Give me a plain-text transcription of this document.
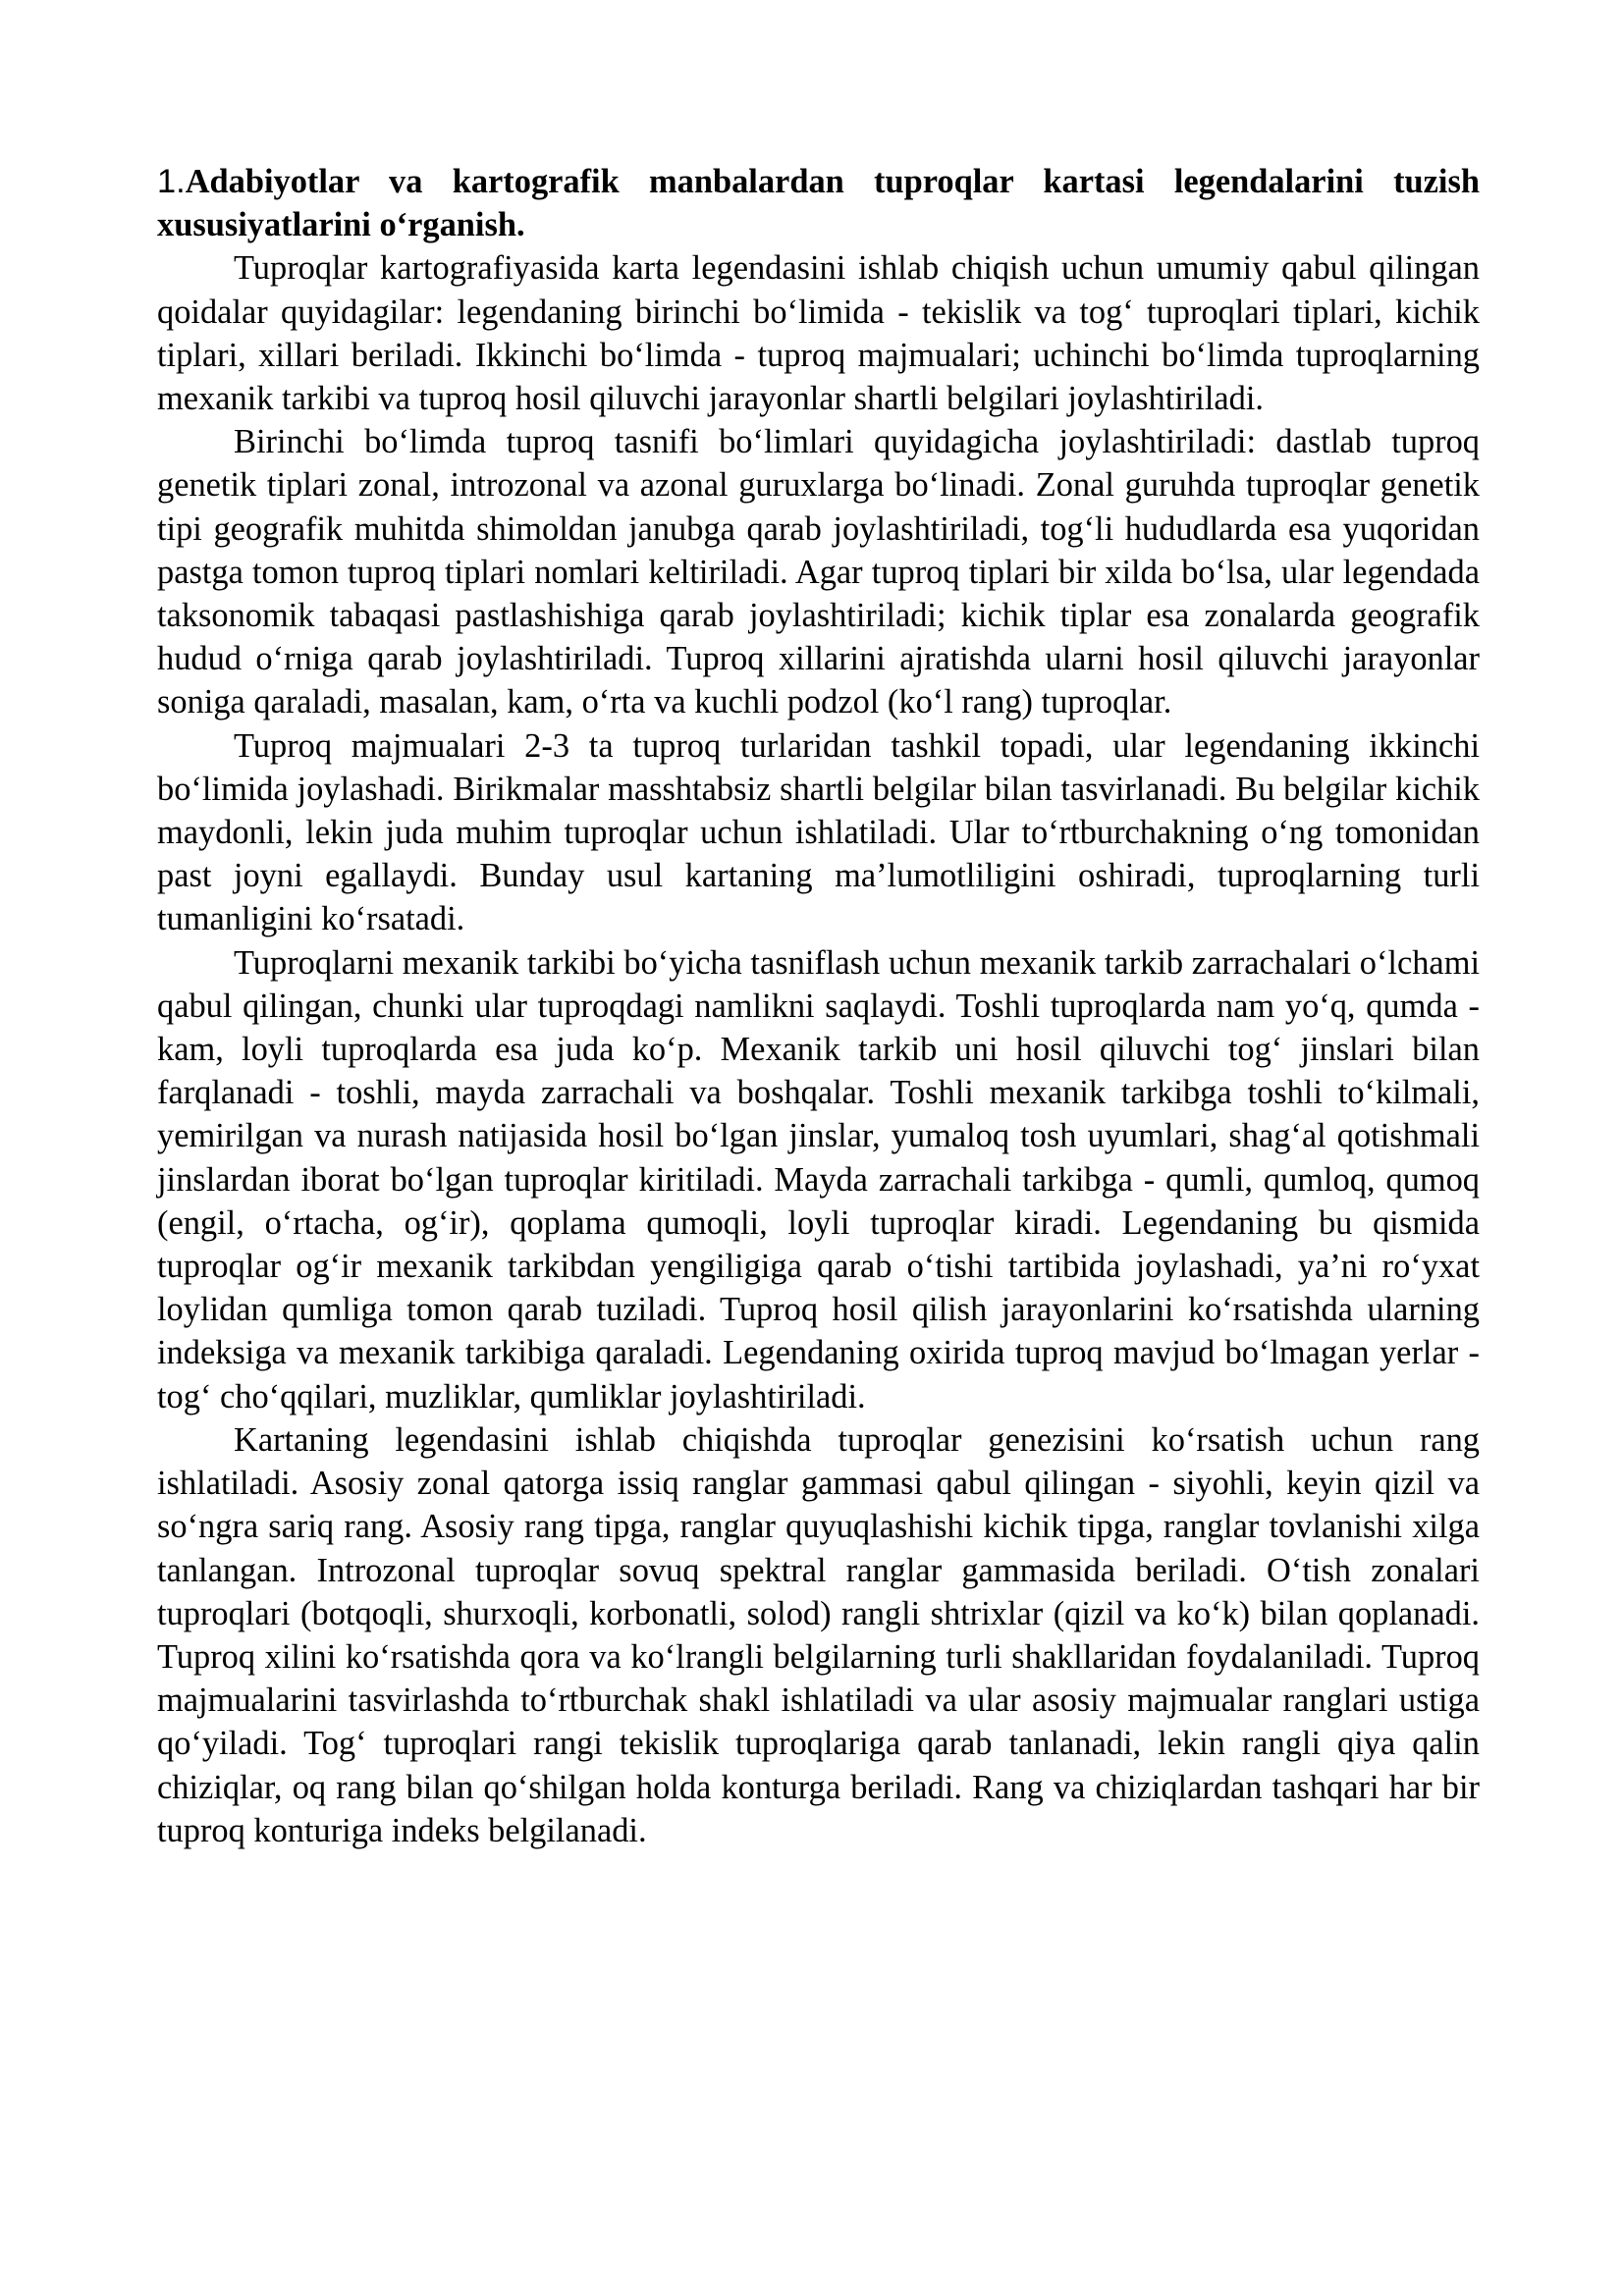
1.Adabiyotlar va kartografik manbalardan tuproqlar kartasi legendalarini tuzish xususiyatlarini o‘rganish.

Tuproqlar kartografiyasida karta legendasini ishlab chiqish uchun umumiy qabul qilingan qoidalar quyidagilar: legendaning birinchi bo‘limida - tekislik va tog‘ tuproqlari tiplari, kichik tiplari, xillari beriladi. Ikkinchi bo‘limda - tuproq majmualari; uchinchi bo‘limda tuproqlarning mexanik tarkibi va tuproq hosil qiluvchi jarayonlar shartli belgilari joylashtiriladi.

Birinchi bo‘limda tuproq tasnifi bo‘limlari quyidagicha joylashtiriladi: dastlab tuproq genetik tiplari zonal, introzonal va azonal guruxlarga bo‘linadi. Zonal guruhda tuproqlar genetik tipi geografik muhitda shimoldan janubga qarab joylashtiriladi, tog‘li hududlarda esa yuqoridan pastga tomon tuproq tiplari nomlari keltiriladi. Agar tuproq tiplari bir xilda bo‘lsa, ular legendada taksonomik tabaqasi pastlashishiga qarab joylashtiriladi; kichik tiplar esa zonalarda geografik hudud o‘rniga qarab joylashtiriladi. Tuproq xillarini ajratishda ularni hosil qiluvchi jarayonlar soniga qaraladi, masalan, kam, o‘rta va kuchli podzol (ko‘l rang) tuproqlar.

Tuproq majmualari 2-3 ta tuproq turlaridan tashkil topadi, ular legendaning ikkinchi bo‘limida joylashadi. Birikmalar masshtabsiz shartli belgilar bilan tasvirlanadi. Bu belgilar kichik maydonli, lekin juda muhim tuproqlar uchun ishlatiladi. Ular to‘rtburchakning o‘ng tomonidan past joyni egallaydi. Bunday usul kartaning ma’lumotliligini oshiradi, tuproqlarning turli tumanligini ko‘rsatadi.

Tuproqlarni mexanik tarkibi bo‘yicha tasniflash uchun mexanik tarkib zarrachalari o‘lchami qabul qilingan, chunki ular tuproqdagi namlikni saqlaydi. Toshli tuproqlarda nam yo‘q, qumda - kam, loyli tuproqlarda esa juda ko‘p. Mexanik tarkib uni hosil qiluvchi tog‘ jinslari bilan farqlanadi - toshli, mayda zarrachali va boshqalar. Toshli mexanik tarkibga toshli to‘kilmali, yemirilgan va nurash natijasida hosil bo‘lgan jinslar, yumaloq tosh uyumlari, shag‘al qotishmali jinslardan iborat bo‘lgan tuproqlar kiritiladi. Mayda zarrachali tarkibga - qumli, qumloq, qumoq (engil, o‘rtacha, og‘ir), qoplama qumoqli, loyli tuproqlar kiradi. Legendaning bu qismida tuproqlar og‘ir mexanik tarkibdan yengiligiga qarab o‘tishi tartibida joylashadi, ya’ni ro‘yxat loylidan qumliga tomon qarab tuziladi. Tuproq hosil qilish jarayonlarini ko‘rsatishda ularning indeksiga va mexanik tarkibiga qaraladi. Legendaning oxirida tuproq mavjud bo‘lmagan yerlar - tog‘ cho‘qqilari, muzliklar, qumliklar joylashtiriladi.

Kartaning legendasini ishlab chiqishda tuproqlar genezisini ko‘rsatish uchun rang ishlatiladi. Asosiy zonal qatorga issiq ranglar gammasi qabul qilingan - siyohli, keyin qizil va so‘ngra sariq rang. Asosiy rang tipga, ranglar quyuqlashishi kichik tipga, ranglar tovlanishi xilga tanlangan. Introzonal tuproqlar sovuq spektral ranglar gammasida beriladi. O‘tish zonalari tuproqlari (botqoqli, shurxoqli, korbonatli, solod) rangli shtrixlar (qizil va ko‘k) bilan qoplanadi. Tuproq xilini ko‘rsatishda qora va ko‘lrangli belgilarning turli shakllaridan foydalaniladi. Tuproq majmualarini tasvirlashda to‘rtburchak shakl ishlatiladi va ular asosiy majmualar ranglari ustiga qo‘yiladi. Tog‘ tuproqlari rangi tekislik tuproqlariga qarab tanlanadi, lekin rangli qiya qalin chiziqlar, oq rang bilan qo‘shilgan holda konturga beriladi. Rang va chiziqlardan tashqari har bir tuproq konturiga indeks belgilanadi.
